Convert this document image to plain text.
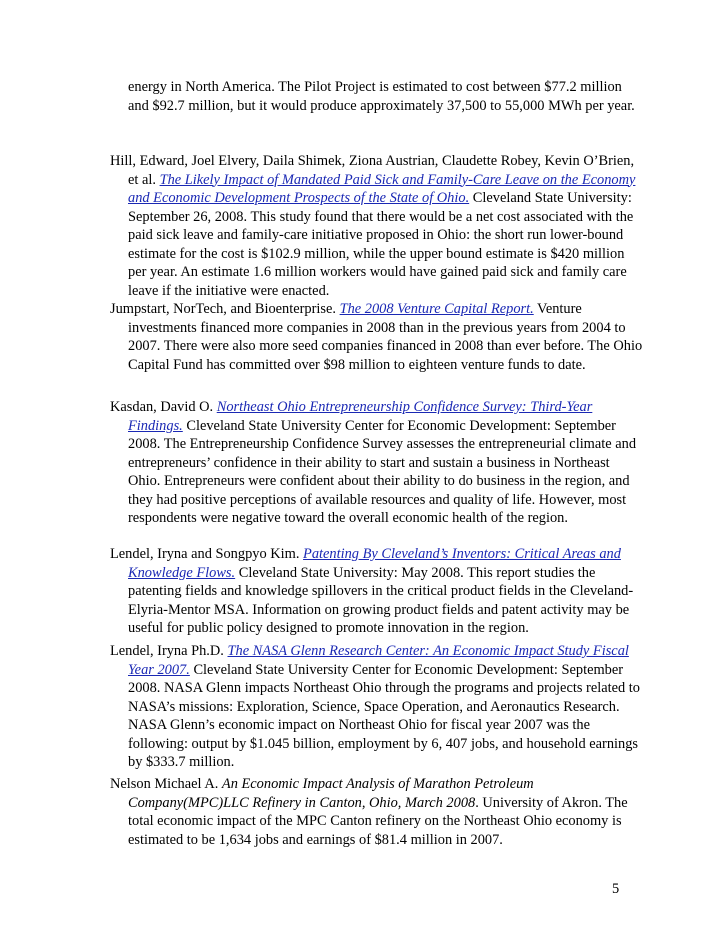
energy in North America. The Pilot Project is estimated to cost between $77.2 million and $92.7 million, but it would produce approximately 37,500 to 55,000 MWh per year.

Hill, Edward, Joel Elvery, Daila Shimek, Ziona Austrian, Claudette Robey, Kevin O’Brien, et al. The Likely Impact of Mandated Paid Sick and Family-Care Leave on the Economy and Economic Development Prospects of the State of Ohio. Cleveland State University: September 26, 2008. This study found that there would be a net cost associated with the paid sick leave and family-care initiative proposed in Ohio: the short run lower-bound estimate for the cost is $102.9 million, while the upper bound estimate is $420 million per year. An estimate 1.6 million workers would have gained paid sick and family care leave if the initiative were enacted.

Jumpstart, NorTech, and Bioenterprise. The 2008 Venture Capital Report. Venture investments financed more companies in 2008 than in the previous years from 2004 to 2007. There were also more seed companies financed in 2008 than ever before. The Ohio Capital Fund has committed over $98 million to eighteen venture funds to date.

Kasdan, David O. Northeast Ohio Entrepreneurship Confidence Survey: Third-Year Findings. Cleveland State University Center for Economic Development: September 2008. The Entrepreneurship Confidence Survey assesses the entrepreneurial climate and entrepreneurs’ confidence in their ability to start and sustain a business in Northeast Ohio. Entrepreneurs were confident about their ability to do business in the region, and they had positive perceptions of available resources and quality of life. However, most respondents were negative toward the overall economic health of the region.

Lendel, Iryna and Songpyo Kim. Patenting By Cleveland’s Inventors: Critical Areas and Knowledge Flows. Cleveland State University: May 2008. This report studies the patenting fields and knowledge spillovers in the critical product fields in the Cleveland-Elyria-Mentor MSA. Information on growing product fields and patent activity may be useful for public policy designed to promote innovation in the region.

Lendel, Iryna Ph.D. The NASA Glenn Research Center: An Economic Impact Study Fiscal Year 2007. Cleveland State University Center for Economic Development: September 2008. NASA Glenn impacts Northeast Ohio through the programs and projects related to NASA’s missions: Exploration, Science, Space Operation, and Aeronautics Research. NASA Glenn’s economic impact on Northeast Ohio for fiscal year 2007 was the following: output by $1.045 billion, employment by 6, 407 jobs, and household earnings by $333.7 million.

Nelson Michael A. An Economic Impact Analysis of Marathon Petroleum Company(MPC)LLC Refinery in Canton, Ohio, March 2008. University of Akron. The total economic impact of the MPC Canton refinery on the Northeast Ohio economy is estimated to be 1,634 jobs and earnings of $81.4 million in 2007.

5
